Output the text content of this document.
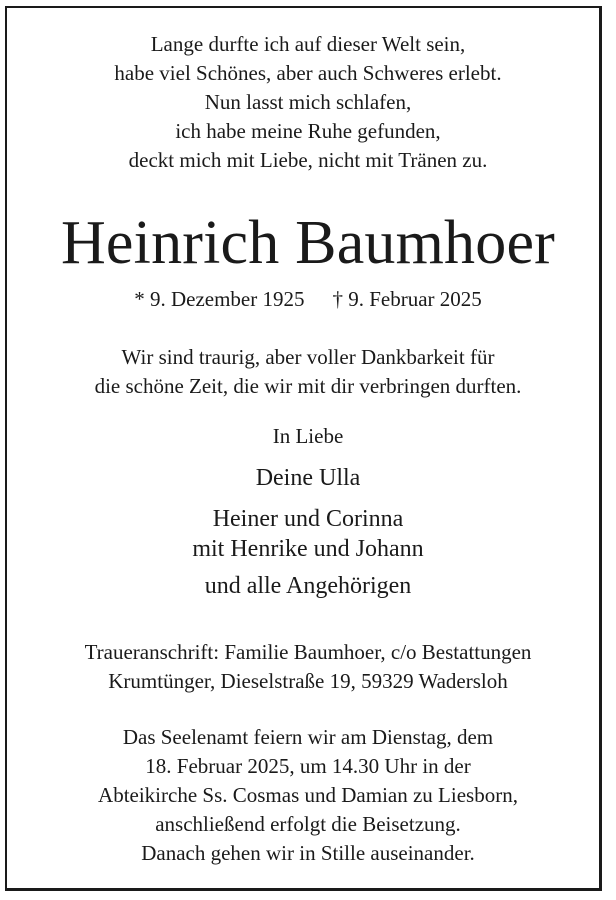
Lange durfte ich auf dieser Welt sein,
habe viel Schönes, aber auch Schweres erlebt.
Nun lasst mich schlafen,
ich habe meine Ruhe gefunden,
deckt mich mit Liebe, nicht mit Tränen zu.
Heinrich Baumhoer
* 9. Dezember 1925 † 9. Februar 2025
Wir sind traurig, aber voller Dankbarkeit für
die schöne Zeit, die wir mit dir verbringen durften.
In Liebe
Deine Ulla
Heiner und Corinna
mit Henrike und Johann
und alle Angehörigen
Traueranschrift: Familie Baumhoer, c/o Bestattungen
Krumtünger, Dieselstraße 19, 59329 Wadersloh
Das Seelenamt feiern wir am Dienstag, dem
18. Februar 2025, um 14.30 Uhr in der
Abteikirche Ss. Cosmas und Damian zu Liesborn,
anschließend erfolgt die Beisetzung.
Danach gehen wir in Stille auseinander.
